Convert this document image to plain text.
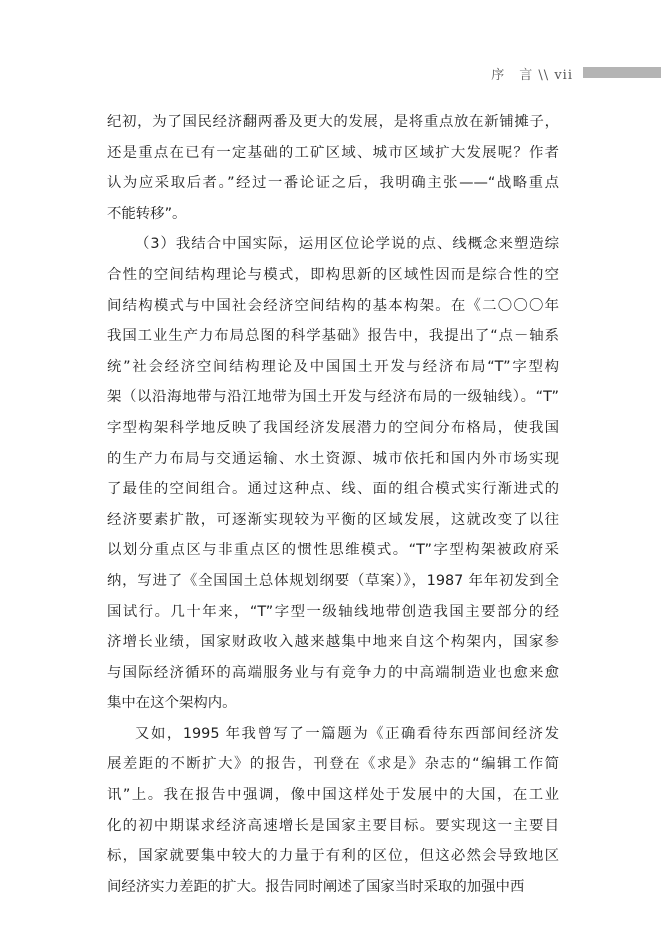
序　言 \\ vii
纪初，为了国民经济翻两番及更大的发展，是将重点放在新铺摊子，
还是重点在已有一定基础的工矿区域、城市区域扩大发展呢？作者
认为应采取后者。”经过一番论证之后，我明确主张——“战略重点
不能转移”。
（3）我结合中国实际，运用区位论学说的点、线概念来塑造综
合性的空间结构理论与模式，即构思新的区域性因而是综合性的空
间结构模式与中国社会经济空间结构的基本构架。在《二〇〇〇年
我国工业生产力布局总图的科学基础》报告中，我提出了“点－轴系
统”社会经济空间结构理论及中国国土开发与经济布局“T”字型构
架（以沿海地带与沿江地带为国土开发与经济布局的一级轴线）。“T”
字型构架科学地反映了我国经济发展潜力的空间分布格局，使我国
的生产力布局与交通运输、水土资源、城市依托和国内外市场实现
了最佳的空间组合。通过这种点、线、面的组合模式实行渐进式的
经济要素扩散，可逐渐实现较为平衡的区域发展，这就改变了以往
以划分重点区与非重点区的惯性思维模式。“T”字型构架被政府采
纳，写进了《全国国土总体规划纲要（草案）》，1987 年年初发到全
国试行。几十年来，“T”字型一级轴线地带创造我国主要部分的经
济增长业绩，国家财政收入越来越集中地来自这个构架内，国家参
与国际经济循环的高端服务业与有竞争力的中高端制造业也愈来愈
集中在这个架构内。
又如，1995 年我曾写了一篇题为《正确看待东西部间经济发
展差距的不断扩大》的报告，刊登在《求是》杂志的“编辑工作简
讯”上。我在报告中强调，像中国这样处于发展中的大国，在工业
化的初中期谋求经济高速增长是国家主要目标。要实现这一主要目
标，国家就要集中较大的力量于有利的区位，但这必然会导致地区
间经济实力差距的扩大。报告同时阐述了国家当时采取的加强中西
